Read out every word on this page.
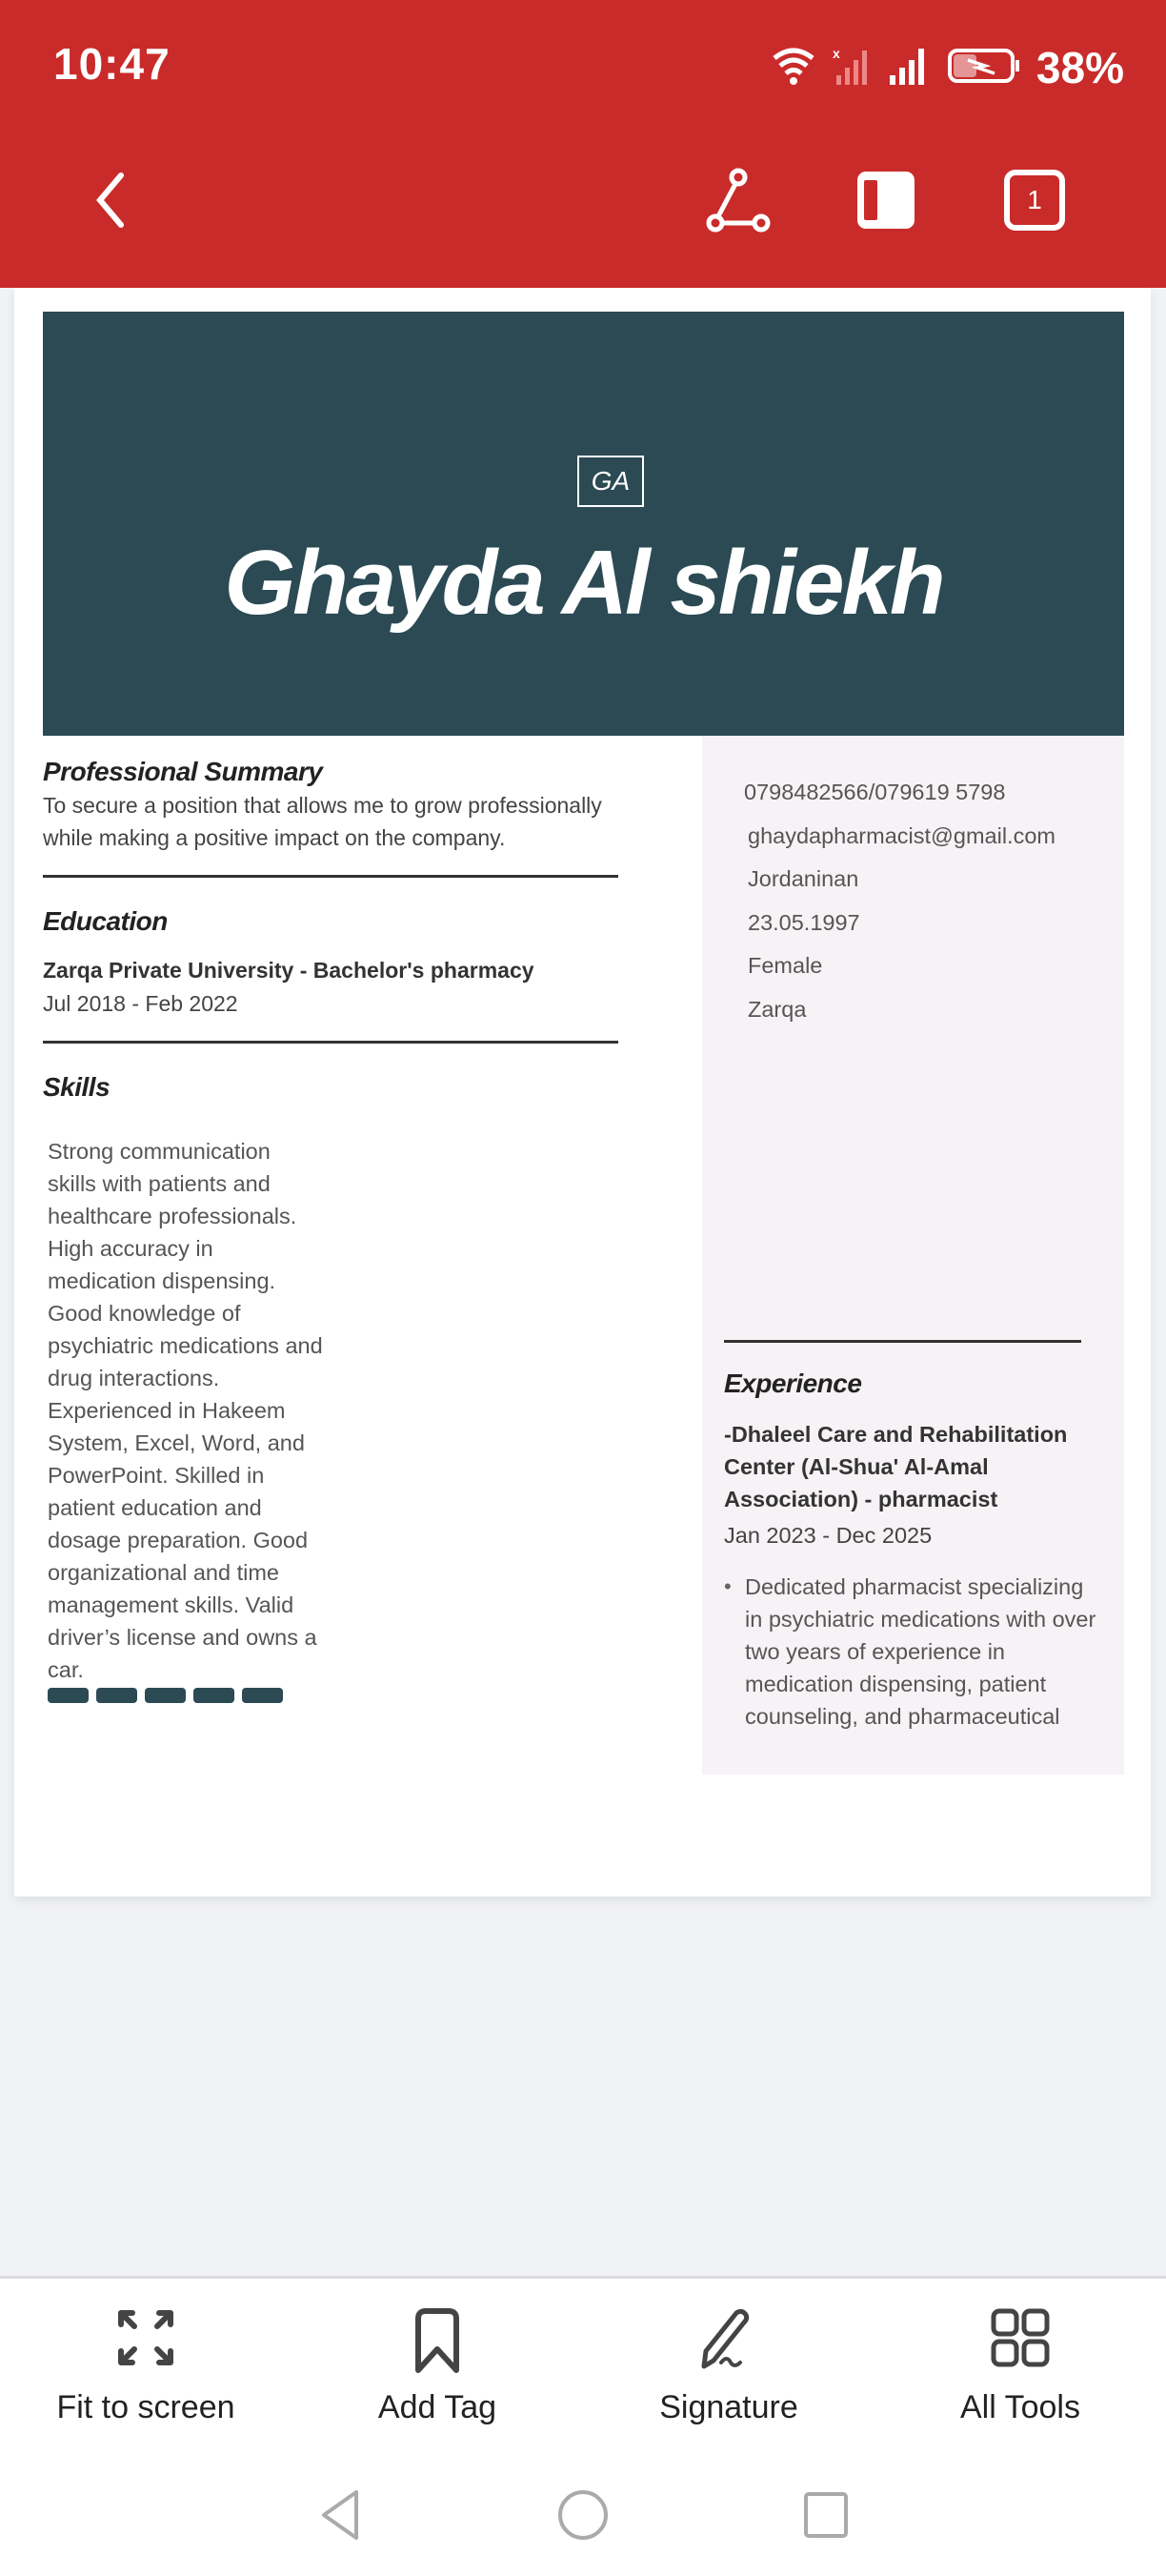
10:47	x	38%
1
GA
Ghayda Al shiekh
Professional Summary
To secure a position that allows me to grow professionally while making a positive impact on the company.
Education
Zarqa Private University - Bachelor's pharmacy
Jul 2018 - Feb 2022
Skills
Strong communication skills with patients and healthcare professionals. High accuracy in medication dispensing. Good knowledge of psychiatric medications and drug interactions. Experienced in Hakeem System, Excel, Word, and PowerPoint. Skilled in patient education and dosage preparation. Good organizational and time management skills. Valid driver’s license and owns a car.
0798482566/079619 5798
ghaydapharmacist@gmail.com
Jordaninan
23.05.1997
Female
Zarqa
Experience
-Dhaleel Care and Rehabilitation Center (Al-Shua' Al-Amal Association) - pharmacist
Jan 2023 - Dec 2025
• Dedicated pharmacist specializing in psychiatric medications with over two years of experience in medication dispensing, patient counseling, and pharmaceutical
Fit to screen	Add Tag	Signature	All Tools
